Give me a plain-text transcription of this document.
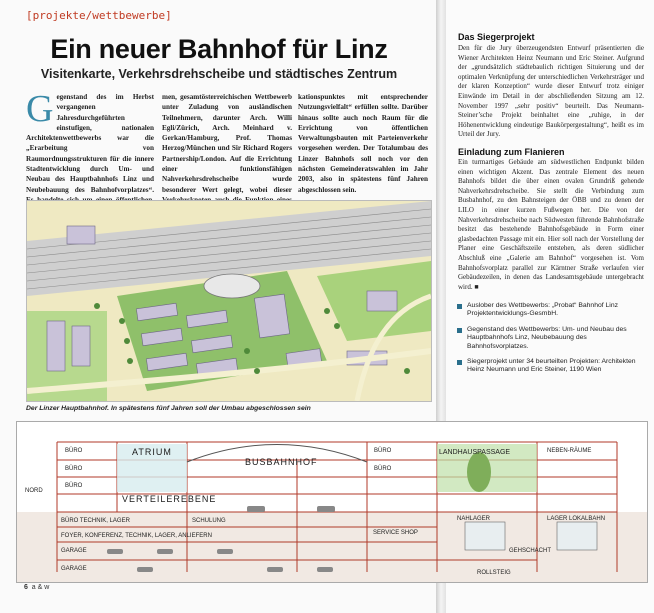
[projekte/wettbewerbe]
Ein neuer Bahnhof für Linz
Visitenkarte, Verkehrsdrehscheibe und städtisches Zentrum
Gegenstand des im Herbst vergangenen Jahresdurchgeführten einstufigen, nationalen Architektenwettbewerbs war die „Erarbeitung von Raumordnungsstrukturen für die innere Stadtentwicklung durch Um- und Neubau des Hauptbahnhofs Linz und Neubebauung des Bahnhofvorplatzes“.
men, gesamtösterreichischen Wettbewerb unter Zuladung von ausländischen Teilnehmern, darunter Arch. Willi Egli/Zürich, Arch. Meinhard v. Gerkan/Hamburg, Prof. Thomas Herzog/München und Sir Richard Rogers Partnership/London. Auf die Errichtung einer funktionsfähigen Nahverkehrsdrehscheibe wurde besonderer Wert gelegt, wobei dieser
kationspunktes mit entsprechender Nutzungsvielfalt“ erfüllen sollte. Darüber hinaus sollte auch noch Raum für die Errichtung von öffentlichen Verwaltungsbauten mit Parteienverkehr vorgesehen werden. Der Totalumbau des Linzer Bahnhofs soll noch vor den nächsten Gemeinderatswahlen im Jahr 2003, also in spätestens fünf Jahren abgeschlossen sein.
Der Linzer Hauptbahnhof. In spätestens fünf Jahren soll der Umbau abgeschlossen sein
6 a & w
Das Siegerprojekt
Den für die Jury überzeugendsten Entwurf präsentierten die Wiener Architekten Heinz Neumann und Eric Steiner. Aufgrund der „grundsätzlich städtebaulich richtigen Situierung und der optimalen Verknüpfung der unterschiedlichen Verkehrsträger und der klaren Konzeption“ wurde dieser Entwurf trotz einiger Einwände im Detail in der abschließenden Sitzung am 12. November 1997 „sehr positiv“ beurteilt. Das Neumann-Steiner’sche Projekt beinhaltet eine „ruhige, in der Höhenentwicklung eindeutige Baukörpergestaltung“, heißt es im Urteil der Jury.
Einladung zum Flanieren
Ein turmartiges Gebäude am südwestlichen Endpunkt bilden einen wichtigen Akzent. Das zentrale Element des neuen Bahnhofs bildet die über einen ovalen Grundriß gehende Nahverkehrsdrehscheibe. Sie stellt die Verbindung zum Busbahnhof, zu den Bahnsteigen der ÖBB und zu denen der LILO in einer kurzen Fußwegen her. Die von der Nahverkehrsdrehscheibe nach Südwesten führende Bahnhofstraße besitzt das bestehende Bahnhofsgebäude in Form einer glasbedachten Passage mit ein. Hier soll nach der Vorstellung der Planer eine Geschäftszeile entstehen, als deren südlicher Abschluß eine „Galerie am Bahnhof“ vorgesehen ist. Vom Bahnhofsvorplatz parallel zur Kärntner Straße verlaufen vier Gebäudezeilen, in denen das Landesamtsgebäude untergebracht wird. ■
Auslober des Wettbewerbs: „Probat“ Bahnhof Linz Projektentwicklungs-GesmbH.
Gegenstand des Wettbewerbs: Um- und Neubau des Hauptbahnhofs Linz, Neubebauung des Bahnhofsvorplatzes.
Siegerprojekt unter 34 beurteilten Projekten: Architekten Heinz Neumann und Eric Steiner, 1190 Wien
ATRIUM
BUSBAHNHOF
VERTEILEREBENE
LANDHAUSPASSAGE
BÜRO
BÜRO
BÜRO
BÜRO
BÜRO
NEBEN-RÄUME
BÜRO TECHNIK, LAGER
FOYER, KONFERENZ, TECHNIK, LAGER, ANLIEFERN
SCHULUNG
SERVICE SHOP
GARAGE
GARAGE
NAHLAGER	LAGER LOKALBAHN
ROLLSTEIG
GEHSCHACHT
NORD
